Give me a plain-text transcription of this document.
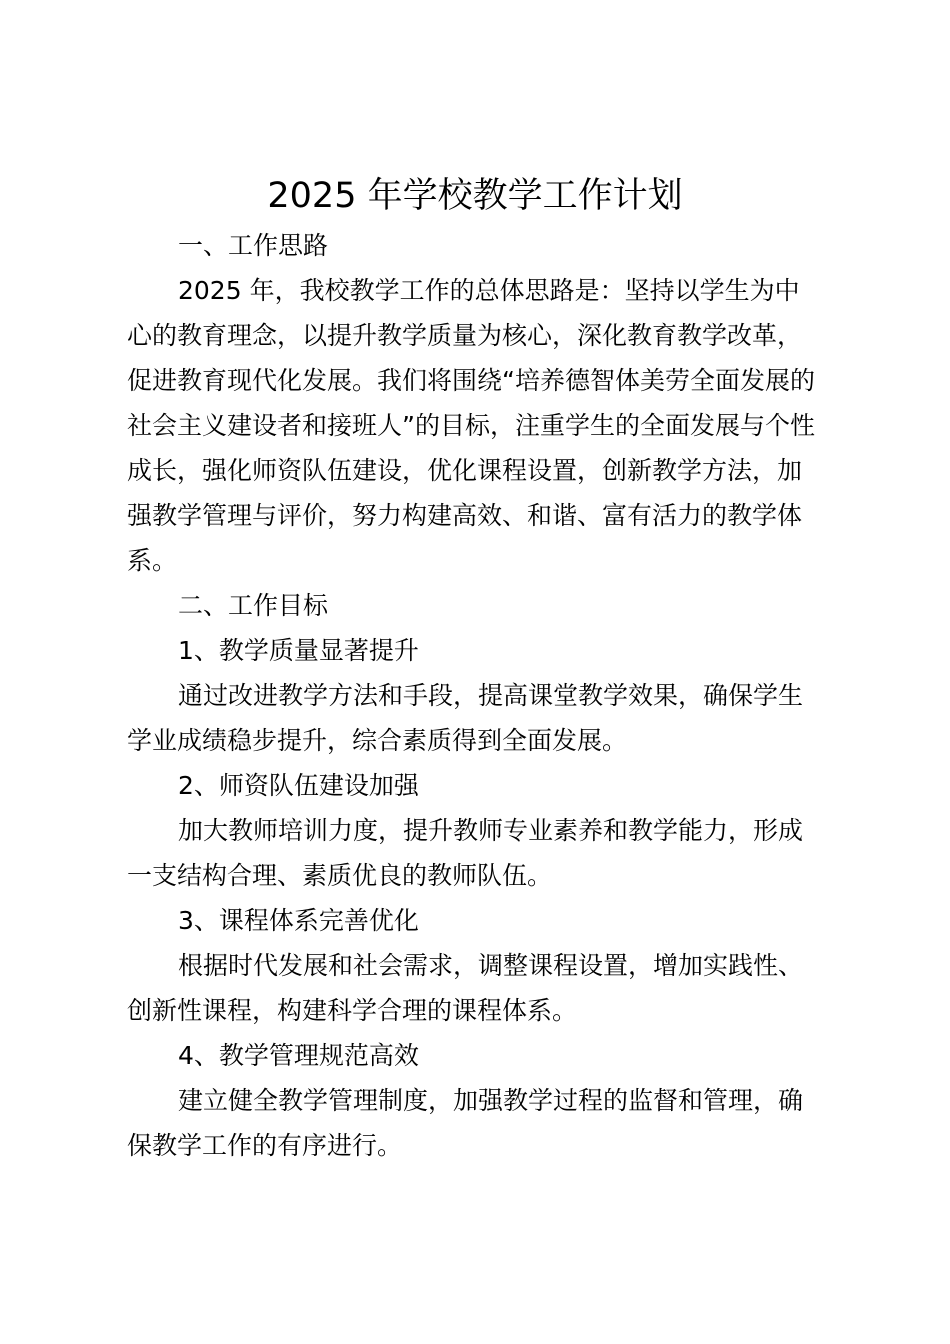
2025 年学校教学工作计划
一、工作思路
2025 年，我校教学工作的总体思路是：坚持以学生为中
心的教育理念，以提升教学质量为核心，深化教育教学改革，
促进教育现代化发展。我们将围绕“培养德智体美劳全面发展的
社会主义建设者和接班人”的目标，注重学生的全面发展与个性
成长，强化师资队伍建设，优化课程设置，创新教学方法，加
强教学管理与评价，努力构建高效、和谐、富有活力的教学体
系。
二、工作目标
1、教学质量显著提升
通过改进教学方法和手段，提高课堂教学效果，确保学生
学业成绩稳步提升，综合素质得到全面发展。
2、师资队伍建设加强
加大教师培训力度，提升教师专业素养和教学能力，形成
一支结构合理、素质优良的教师队伍。
3、课程体系完善优化
根据时代发展和社会需求，调整课程设置，增加实践性、
创新性课程，构建科学合理的课程体系。
4、教学管理规范高效
建立健全教学管理制度，加强教学过程的监督和管理，确
保教学工作的有序进行。
